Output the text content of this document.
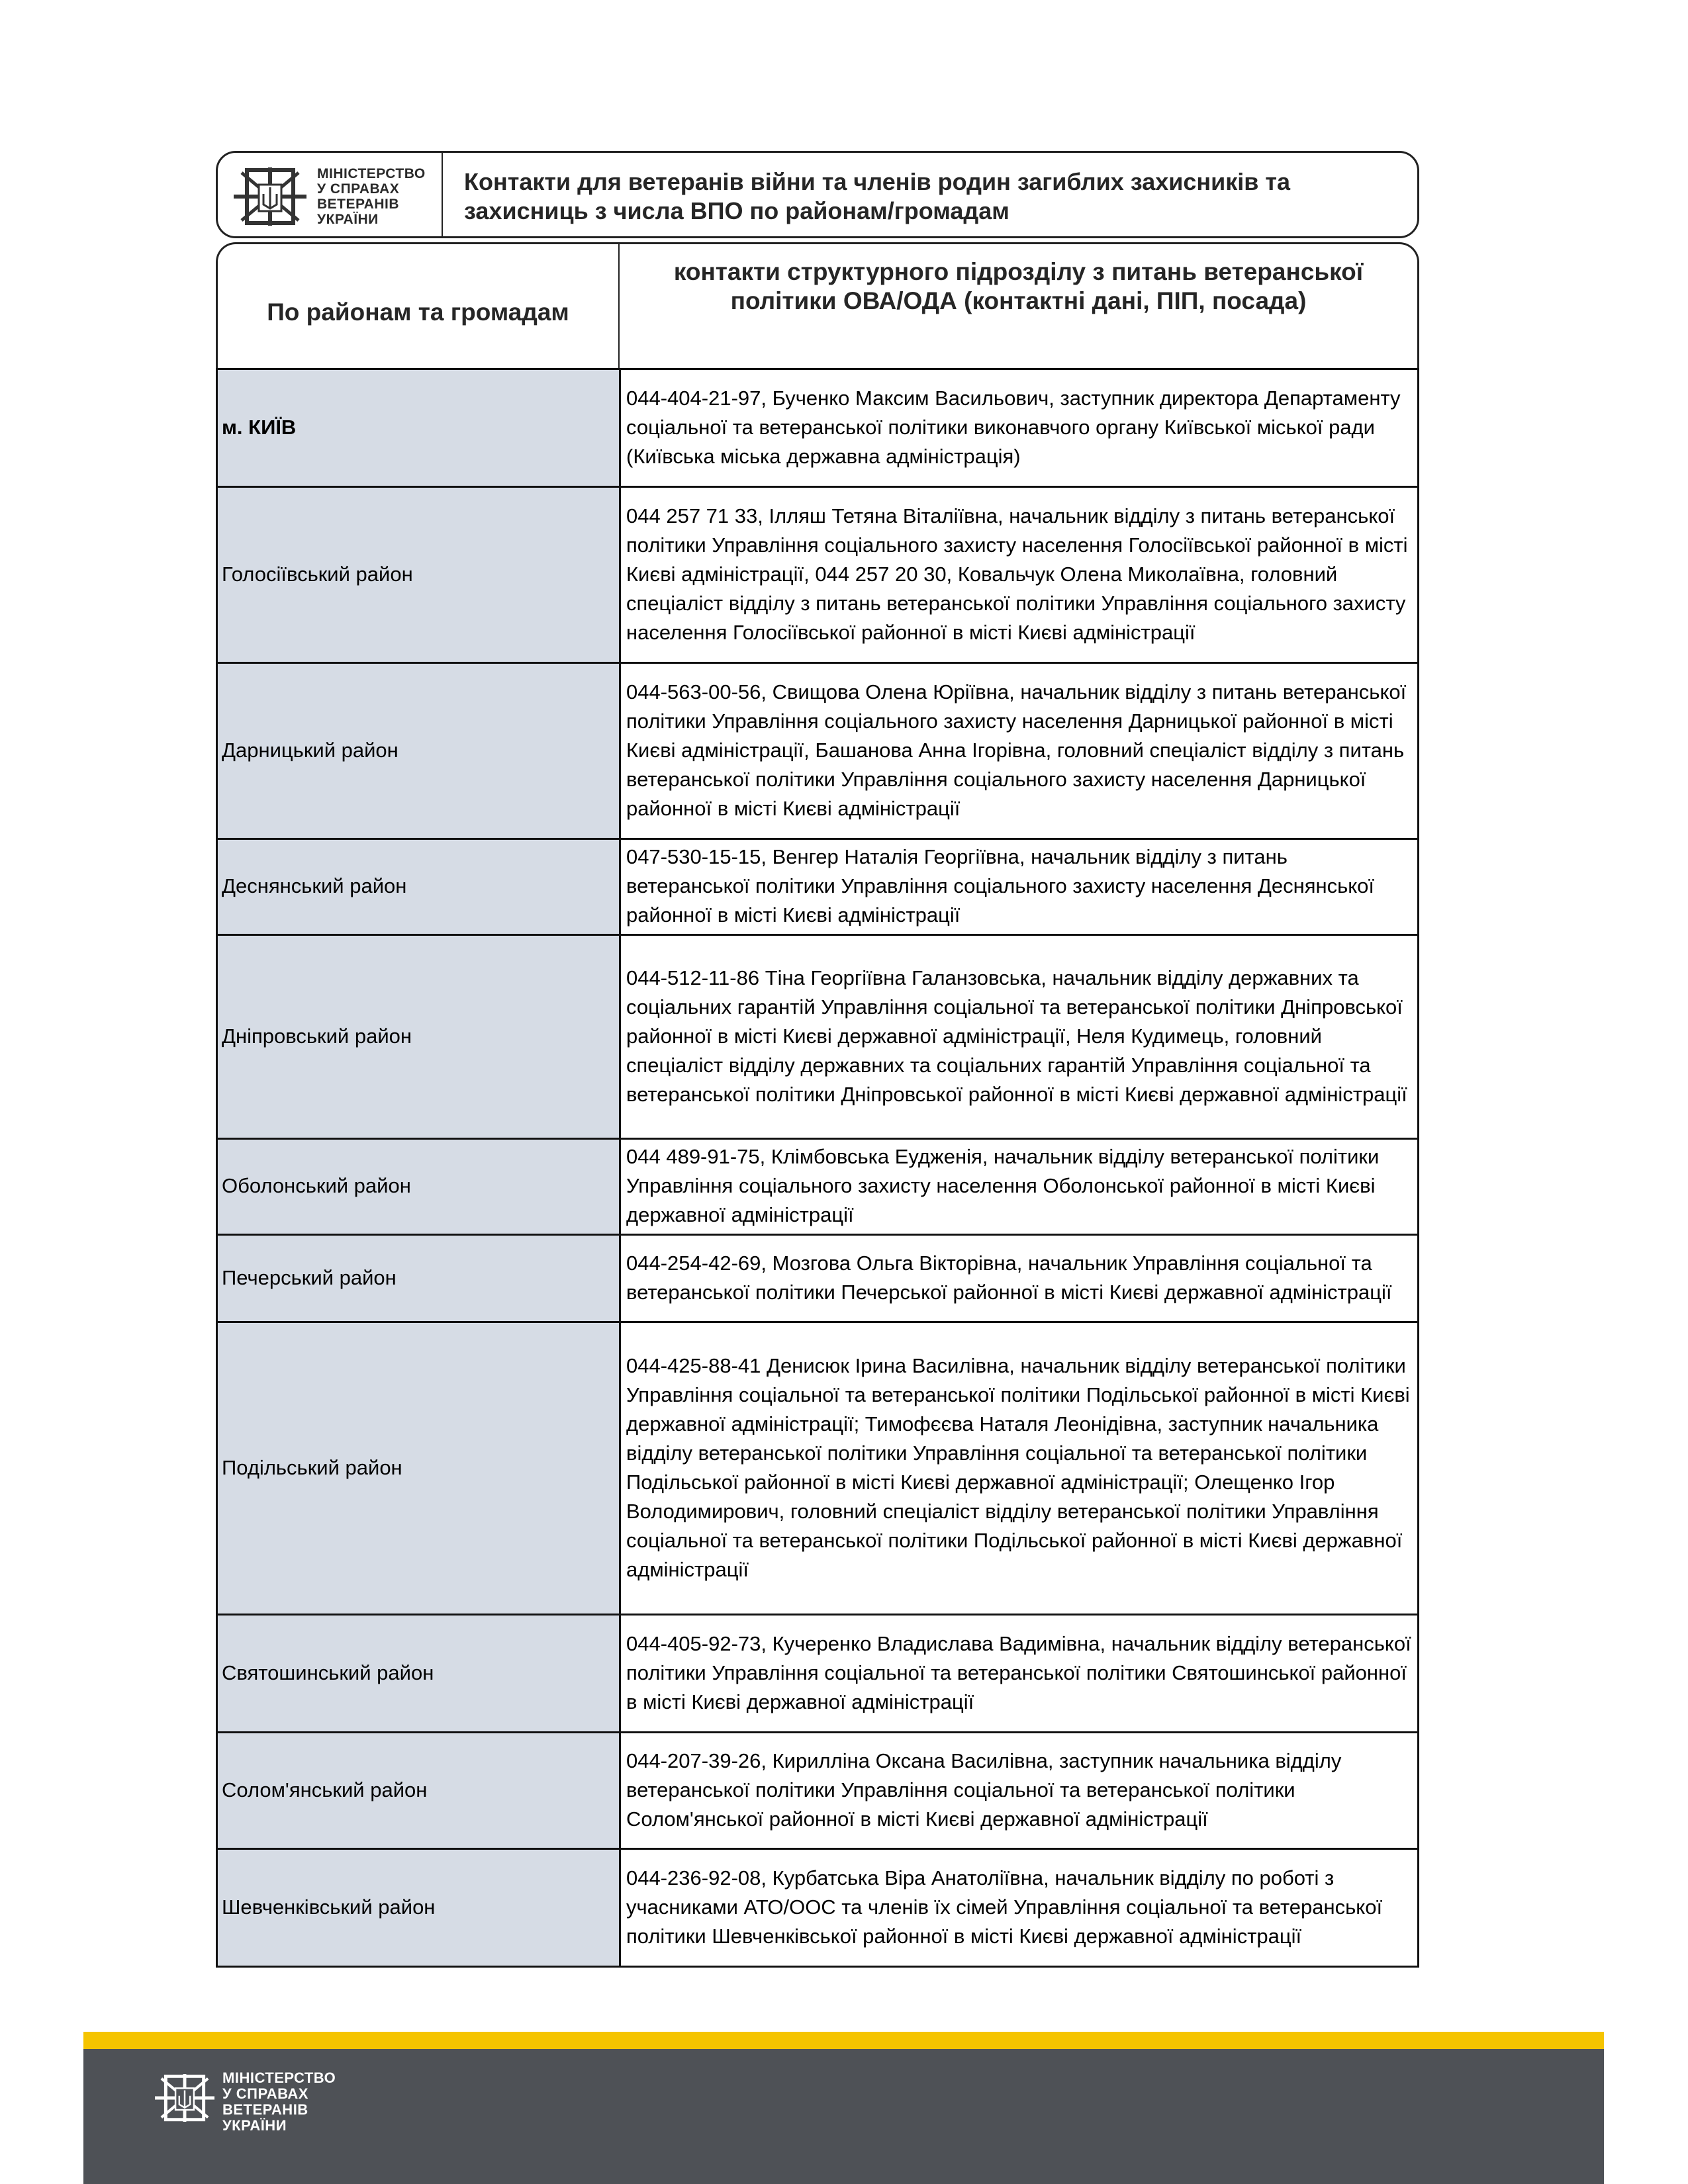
МІНІСТЕРСТВО
У СПРАВАХ
ВЕТЕРАНІВ
УКРАЇНИ
Контакти для ветеранів війни та членів родин загиблих захисників та захисниць з числа ВПО по районам/громадам
По районам та громадам
контакти структурного підрозділу з питань ветеранської політики ОВА/ОДА (контактні дані, ПІП, посада)
м. КИЇВ	044-404-21-97, Бученко Максим Васильович, заступник директора Департаменту соціальної та ветеранської політики виконавчого органу Київської міської ради (Київська міська державна адміністрація)
Голосіївський район	044 257 71 33, Ілляш Тетяна Віталіївна, начальник відділу з питань ветеранської політики Управління соціального захисту населення Голосіївської районної в місті Києві адміністрації, 044 257 20 30, Ковальчук Олена Миколаївна, головний спеціаліст відділу з питань ветеранської політики Управління соціального захисту населення Голосіївської районної в місті Києві адміністрації
Дарницький район	044-563-00-56, Свищова Олена Юріївна, начальник відділу з питань ветеранської політики Управління соціального захисту населення Дарницької районної в місті Києві адміністрації, Башанова Анна Ігорівна, головний спеціаліст відділу з питань ветеранської політики Управління соціального захисту населення Дарницької районної в місті Києві адміністрації
Деснянський район	047-530-15-15, Венгер Наталія Георгіївна, начальник відділу з питань ветеранської політики Управління соціального захисту населення Деснянської районної в місті Києві адміністрації
Дніпровський район	044-512-11-86 Тіна Георгіївна Галанзовська, начальник відділу державних та соціальних гарантій Управління соціальної та ветеранської політики Дніпровської районної в місті Києві державної адміністрації, Неля Кудимець, головний спеціаліст відділу державних та соціальних гарантій Управління соціальної та ветеранської політики Дніпровської районної в місті Києві державної адміністрації
Оболонський район	044 489-91-75, Клімбовська Еудженія, начальник відділу ветеранської політики Управління соціального захисту населення Оболонської районної в місті Києві державної адміністрації
Печерський район	044-254-42-69, Мозгова Ольга Вікторівна, начальник Управління соціальної та ветеранської політики Печерської районної в місті Києві державної адміністрації
Подільський район	044-425-88-41 Денисюк Ірина Василівна, начальник відділу ветеранської політики Управління соціальної та ветеранської політики Подільської районної в місті Києві державної адміністрації; Тимофєєва Наталя Леонідівна, заступник начальника відділу ветеранської політики Управління соціальної та ветеранської політики Подільської районної в місті Києві державної адміністрації; Олещенко Ігор Володимирович, головний спеціаліст відділу ветеранської політики Управління соціальної та ветеранської політики Подільської районної в місті Києві державної адміністрації
Святошинський район	044-405-92-73, Кучеренко Владислава Вадимівна, начальник відділу ветеранської політики Управління соціальної та ветеранської політики Святошинської районної в місті Києві державної адміністрації
Солом'янський район	044-207-39-26, Кирилліна Оксана Василівна, заступник начальника відділу ветеранської політики Управління соціальної та ветеранської політики Солом'янської районної в місті Києві державної адміністрації
Шевченківський район	044-236-92-08, Курбатська Віра Анатоліївна, начальник відділу по роботі з учасниками АТО/ООС та членів їх сімей Управління соціальної та ветеранської політики Шевченківської районної в місті Києві державної адміністрації
МІНІСТЕРСТВО
У СПРАВАХ
ВЕТЕРАНІВ
УКРАЇНИ
